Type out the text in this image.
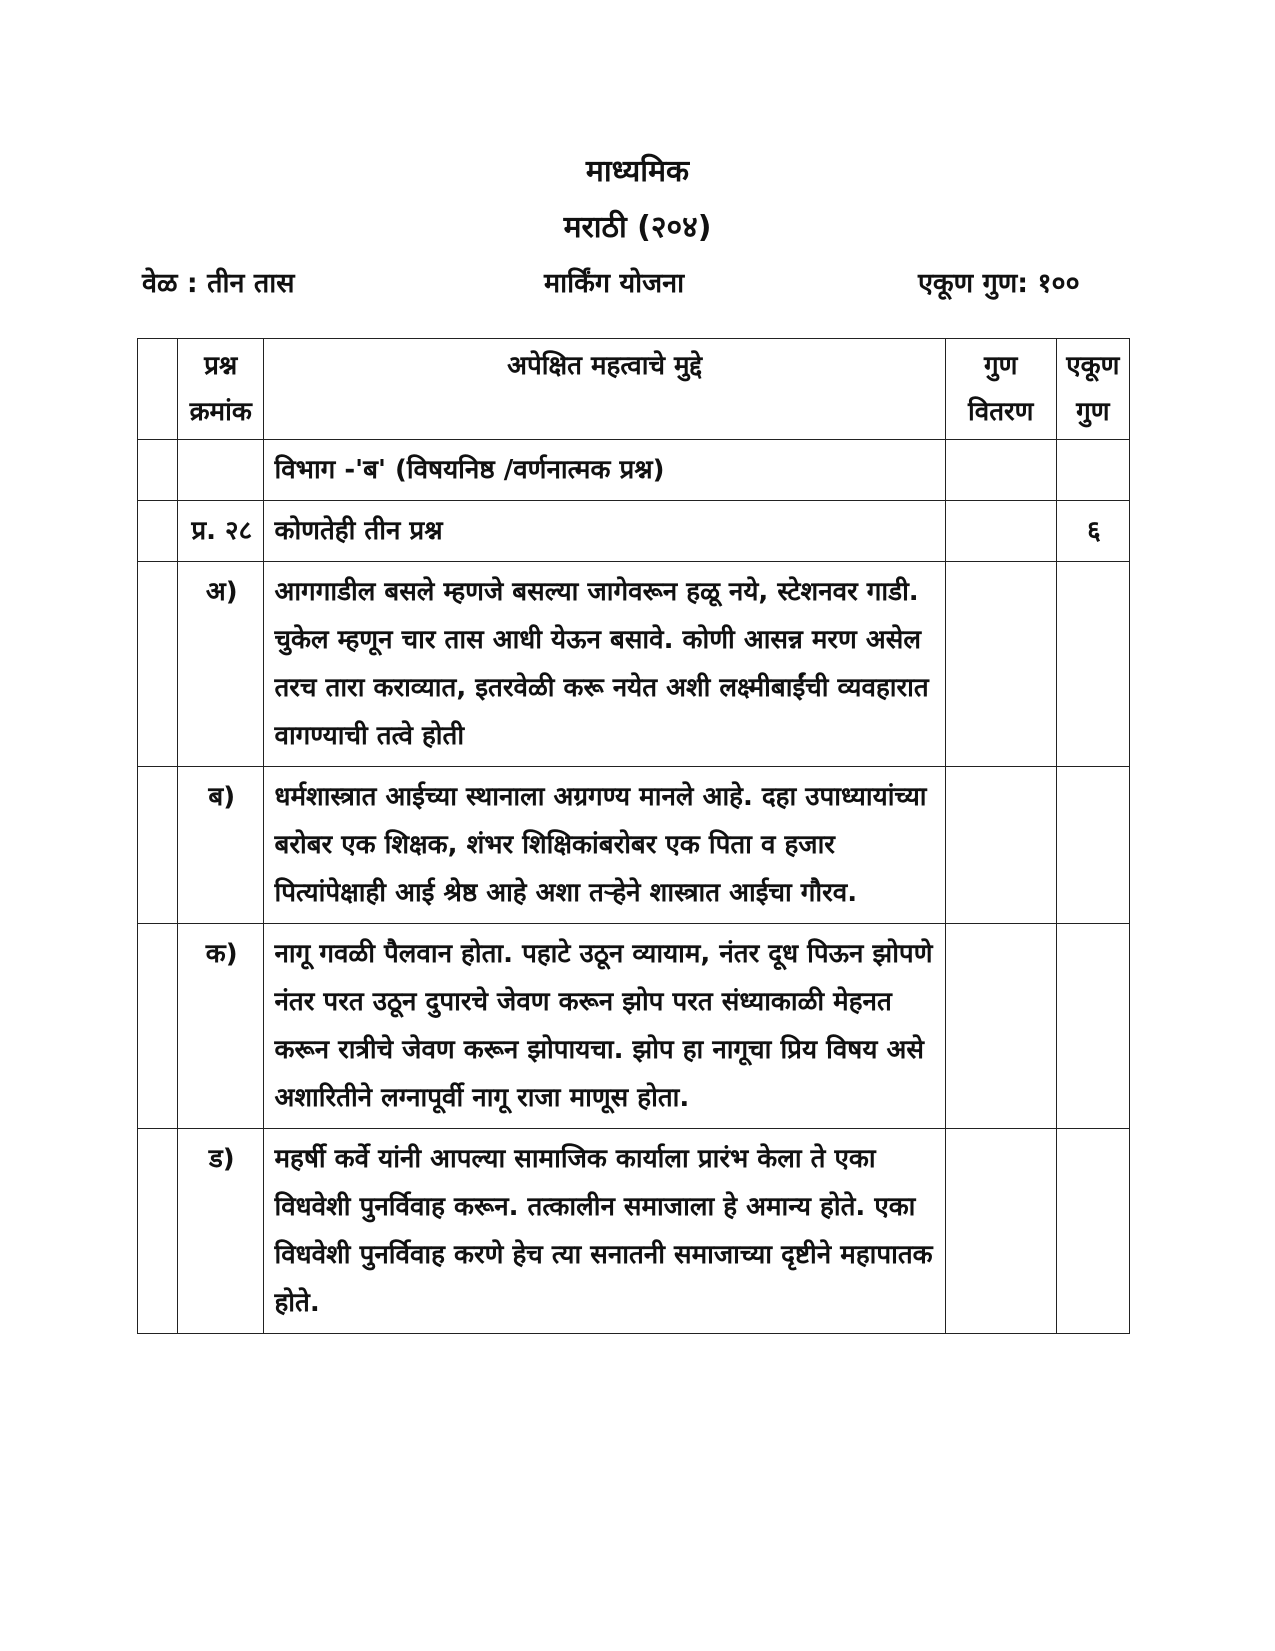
माध्यमिक
मराठी (२०४)
वेळ : तीन तास	मार्किंग योजना	एकूण गुण: १००
	प्रश्न क्रमांक	अपेक्षित महत्वाचे मुद्दे	गुण वितरण	एकूण गुण
		विभाग -'ब' (विषयनिष्ठ /वर्णनात्मक प्रश्न)		
	प्र. २८	कोणतेही तीन प्रश्न		६
	अ)	आगगाडील बसले म्हणजे बसल्या जागेवरून हळू नये, स्टेशनवर गाडी. चुकेल म्हणून चार तास आधी येऊन बसावे. कोणी आसन्न मरण असेल तरच तारा कराव्यात, इतरवेळी करू नयेत अशी लक्ष्मीबाईंची व्यवहारात वागण्याची तत्वे होती		
	ब)	धर्मशास्त्रात आईच्या स्थानाला अग्रगण्य मानले आहे. दहा उपाध्यायांच्या बरोबर एक शिक्षक, शंभर शिक्षिकांबरोबर एक पिता व हजार पित्यांपेक्षाही आई श्रेष्ठ आहे अशा तऱ्हेने शास्त्रात आईचा गौरव.		
	क)	नागू गवळी पैलवान होता. पहाटे उठून व्यायाम, नंतर दूध पिऊन झोपणे नंतर परत उठून दुपारचे जेवण करून झोप परत संध्याकाळी मेहनत करून रात्रीचे जेवण करून झोपायचा. झोप हा नागूचा प्रिय विषय असे अशारितीने लग्नापूर्वी नागू राजा माणूस होता.		
	ड)	महर्षी कर्वे यांनी आपल्या सामाजिक कार्याला प्रारंभ केला ते एका विधवेशी पुनर्विवाह करून. तत्कालीन समाजाला हे अमान्य होते. एका विधवेशी पुनर्विवाह करणे हेच त्या सनातनी समाजाच्या दृष्टीने महापातक होते.		
